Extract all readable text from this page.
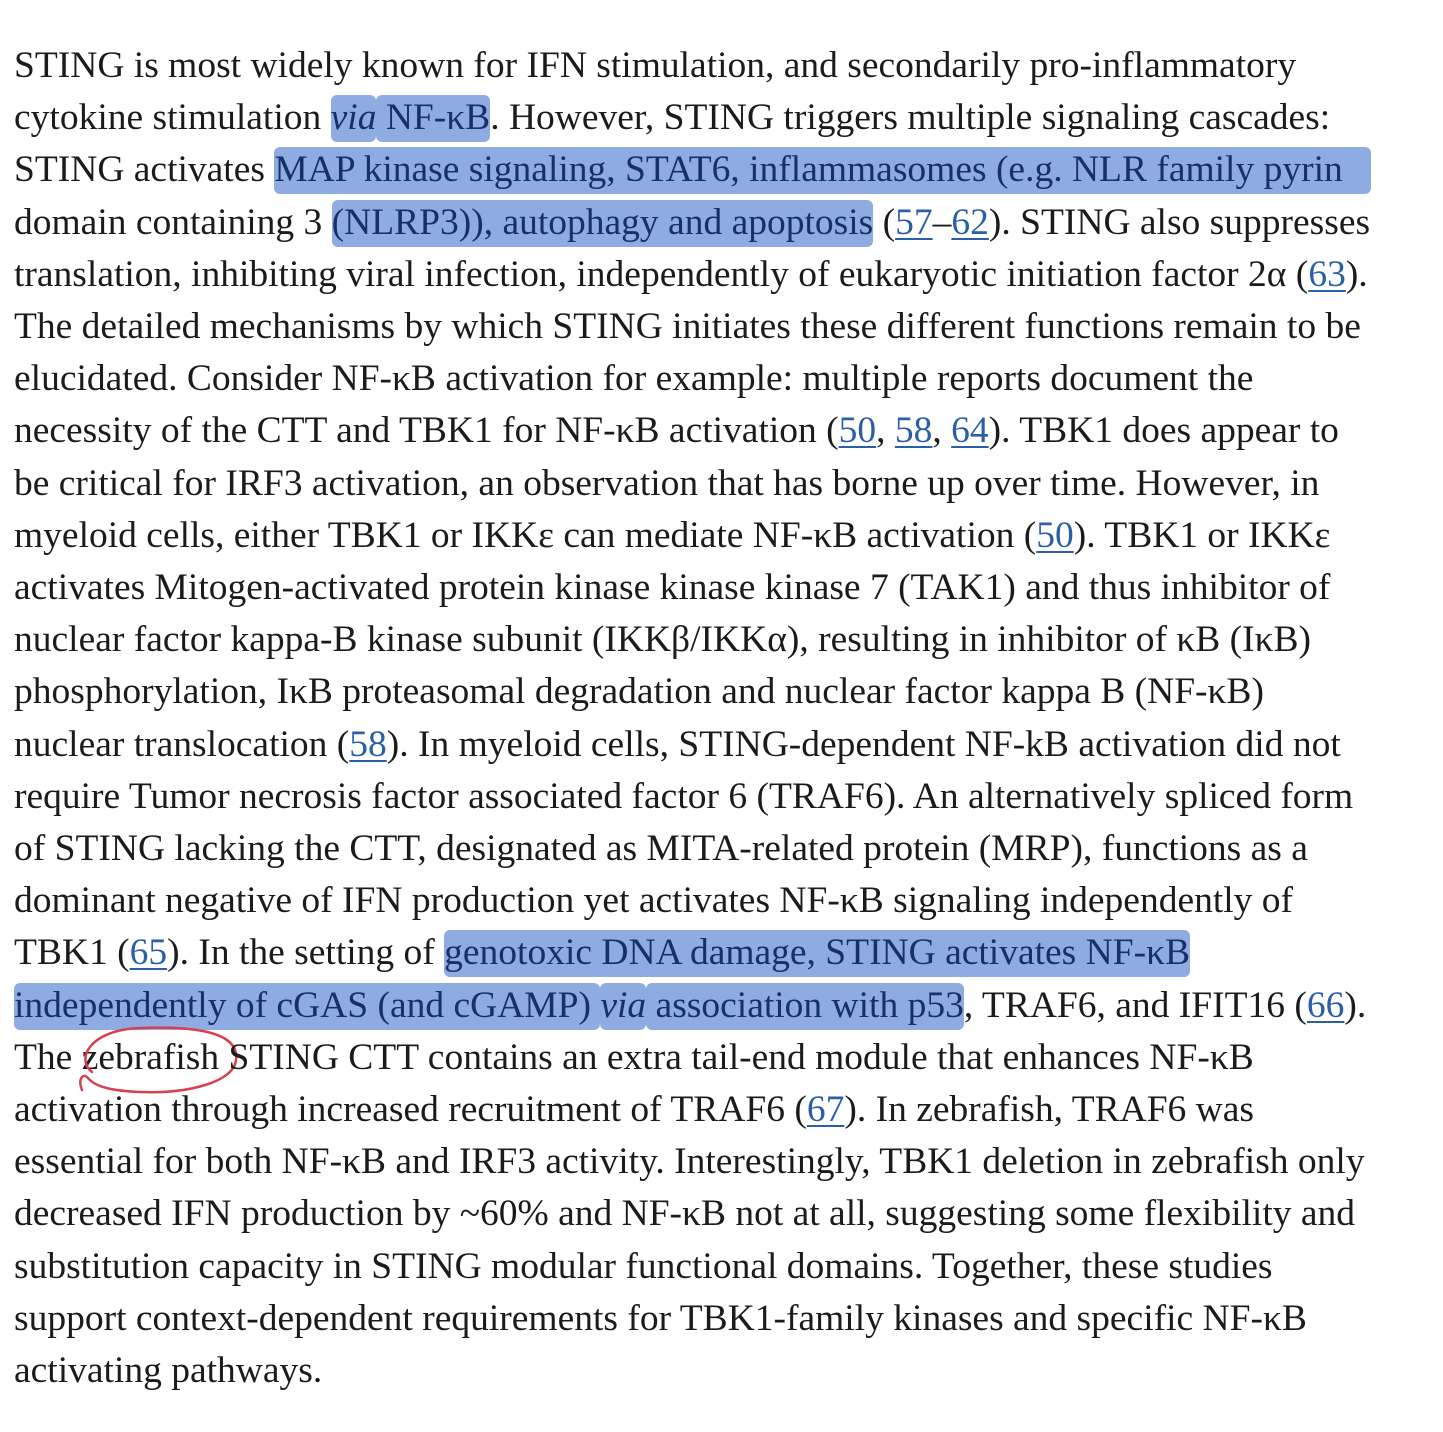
STING is most widely known for IFN stimulation, and secondarily pro-inflammatory
cytokine stimulation via NF-κB. However, STING triggers multiple signaling cascades:
STING activates MAP kinase signaling, STAT6, inflammasomes (e.g. NLR family pyrin
domain containing 3 (NLRP3)), autophagy and apoptosis (57–62). STING also suppresses
translation, inhibiting viral infection, independently of eukaryotic initiation factor 2α (63).
The detailed mechanisms by which STING initiates these different functions remain to be
elucidated. Consider NF-κB activation for example: multiple reports document the
necessity of the CTT and TBK1 for NF-κB activation (50, 58, 64). TBK1 does appear to
be critical for IRF3 activation, an observation that has borne up over time. However, in
myeloid cells, either TBK1 or IKKε can mediate NF-κB activation (50). TBK1 or IKKε
activates Mitogen-activated protein kinase kinase kinase 7 (TAK1) and thus inhibitor of
nuclear factor kappa-B kinase subunit (IKKβ/IKKα), resulting in inhibitor of κB (IκB)
phosphorylation, IκB proteasomal degradation and nuclear factor kappa B (NF-κB)
nuclear translocation (58). In myeloid cells, STING-dependent NF-kB activation did not
require Tumor necrosis factor associated factor 6 (TRAF6). An alternatively spliced form
of STING lacking the CTT, designated as MITA-related protein (MRP), functions as a
dominant negative of IFN production yet activates NF-κB signaling independently of
TBK1 (65). In the setting of genotoxic DNA damage, STING activates NF-κB
independently of cGAS (and cGAMP) via association with p53, TRAF6, and IFIT16 (66).
The zebrafish
STING CTT contains an extra tail-end module that enhances NF-κB
activation through increased recruitment of TRAF6 (67). In zebrafish, TRAF6 was
essential for both NF-κB and IRF3 activity. Interestingly, TBK1 deletion in zebrafish only
decreased IFN production by ~60% and NF-κB not at all, suggesting some flexibility and
substitution capacity in STING modular functional domains. Together, these studies
support context-dependent requirements for TBK1-family kinases and specific NF-κB
activating pathways.
